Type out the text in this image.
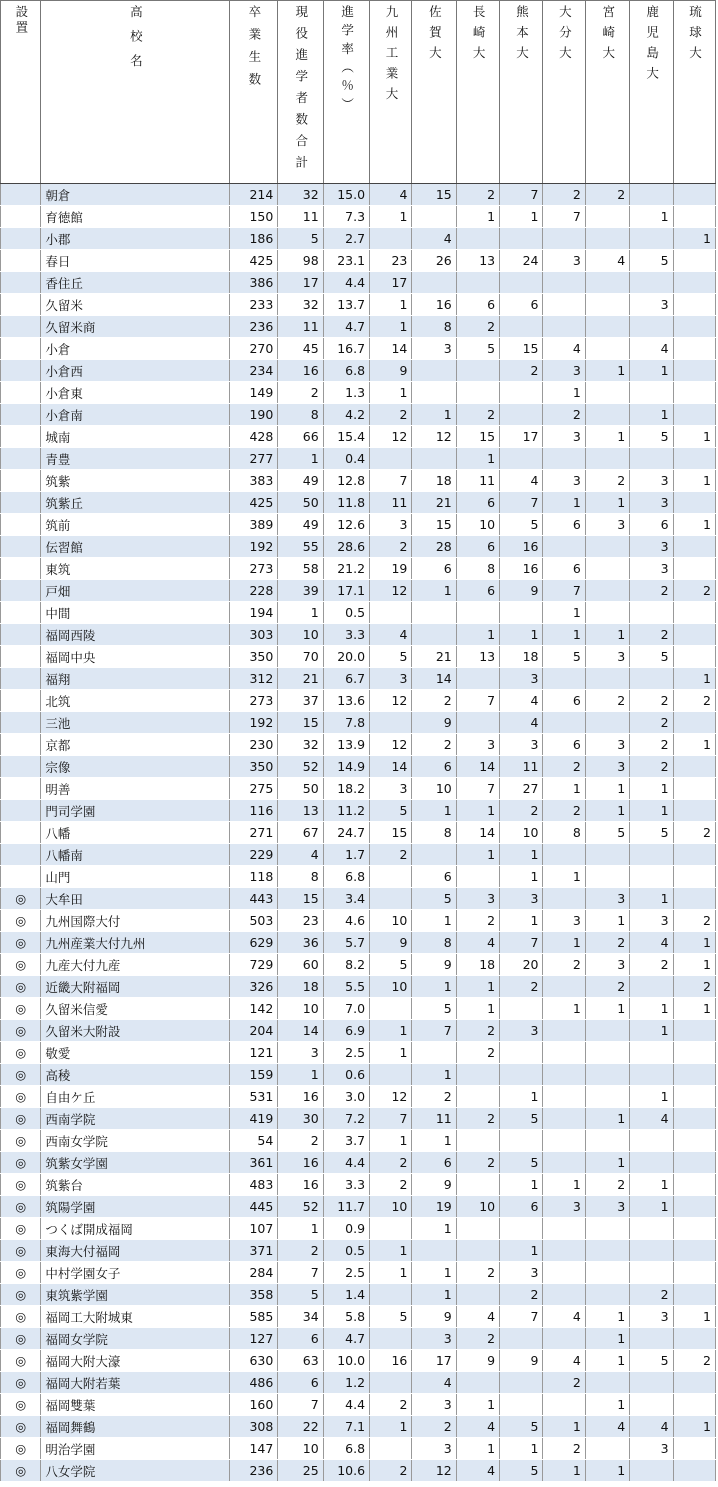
設置	高校名	卒業生数	現役進学者数合計	進学率（％）	九州工業大	佐賀大	長崎大	熊本大	大分大	宮崎大	鹿児島大	琉球大

	朝倉	214	32	15.0	4	15	2	7	2	2		
	育徳館	150	11	7.3	1		1	1	7		1	
	小郡	186	5	2.7		4						1
	春日	425	98	23.1	23	26	13	24	3	4	5	
	香住丘	386	17	4.4	17							
	久留米	233	32	13.7	1	16	6	6			3	
	久留米商	236	11	4.7	1	8	2					
	小倉	270	45	16.7	14	3	5	15	4		4	
	小倉西	234	16	6.8	9			2	3	1	1	
	小倉東	149	2	1.3	1				1			
	小倉南	190	8	4.2	2	1	2		2		1	
	城南	428	66	15.4	12	12	15	17	3	1	5	1
	青豊	277	1	0.4			1					
	筑紫	383	49	12.8	7	18	11	4	3	2	3	1
	筑紫丘	425	50	11.8	11	21	6	7	1	1	3	
	筑前	389	49	12.6	3	15	10	5	6	3	6	1
	伝習館	192	55	28.6	2	28	6	16			3	
	東筑	273	58	21.2	19	6	8	16	6		3	
	戸畑	228	39	17.1	12	1	6	9	7		2	2
	中間	194	1	0.5					1			
	福岡西陵	303	10	3.3	4		1	1	1	1	2	
	福岡中央	350	70	20.0	5	21	13	18	5	3	5	
	福翔	312	21	6.7	3	14		3				1
	北筑	273	37	13.6	12	2	7	4	6	2	2	2
	三池	192	15	7.8		9		4			2	
	京都	230	32	13.9	12	2	3	3	6	3	2	1
	宗像	350	52	14.9	14	6	14	11	2	3	2	
	明善	275	50	18.2	3	10	7	27	1	1	1	
	門司学園	116	13	11.2	5	1	1	2	2	1	1	
	八幡	271	67	24.7	15	8	14	10	8	5	5	2
	八幡南	229	4	1.7	2		1	1				
	山門	118	8	6.8		6		1	1			
◎	大牟田	443	15	3.4		5	3	3		3	1	
◎	九州国際大付	503	23	4.6	10	1	2	1	3	1	3	2
◎	九州産業大付九州	629	36	5.7	9	8	4	7	1	2	4	1
◎	九産大付九産	729	60	8.2	5	9	18	20	2	3	2	1
◎	近畿大附福岡	326	18	5.5	10	1	1	2		2		2
◎	久留米信愛	142	10	7.0		5	1		1	1	1	1
◎	久留米大附設	204	14	6.9	1	7	2	3			1	
◎	敬愛	121	3	2.5	1		2					
◎	高稜	159	1	0.6		1						
◎	自由ケ丘	531	16	3.0	12	2		1			1	
◎	西南学院	419	30	7.2	7	11	2	5		1	4	
◎	西南女学院	54	2	3.7	1	1						
◎	筑紫女学園	361	16	4.4	2	6	2	5		1		
◎	筑紫台	483	16	3.3	2	9		1	1	2	1	
◎	筑陽学園	445	52	11.7	10	19	10	6	3	3	1	
◎	つくば開成福岡	107	1	0.9		1						
◎	東海大付福岡	371	2	0.5	1			1				
◎	中村学園女子	284	7	2.5	1	1	2	3				
◎	東筑紫学園	358	5	1.4		1		2			2	
◎	福岡工大附城東	585	34	5.8	5	9	4	7	4	1	3	1
◎	福岡女学院	127	6	4.7		3	2			1		
◎	福岡大附大濠	630	63	10.0	16	17	9	9	4	1	5	2
◎	福岡大附若葉	486	6	1.2		4			2			
◎	福岡雙葉	160	7	4.4	2	3	1			1		
◎	福岡舞鶴	308	22	7.1	1	2	4	5	1	4	4	1
◎	明治学園	147	10	6.8		3	1	1	2		3	
◎	八女学院	236	25	10.6	2	12	4	5	1	1		
